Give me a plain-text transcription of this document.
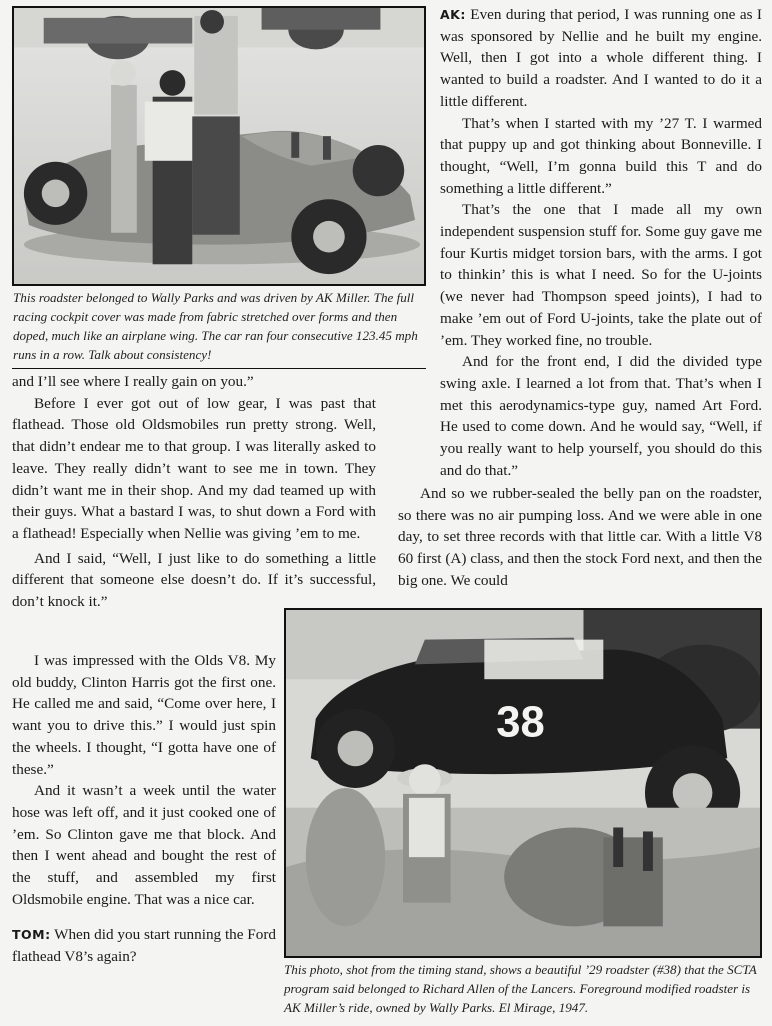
This roadster belonged to Wally Parks and was driven by AK Miller. The full racing cockpit cover was made from fabric stretched over forms and then doped, much like an airplane wing. The car ran four consecutive 123.45 mph runs in a row. Talk about consistency!

and I’ll see where I really gain on you.”

Before I ever got out of low gear, I was past that flathead. Those old Oldsmobiles run pretty strong. Well, that didn’t endear me to that group. I was literally asked to leave. They really didn’t want to see me in town. They didn’t want me in their shop. And my dad teamed up with their guys. What a bastard I was, to shut down a Ford with a flathead! Especially when Nellie was giving ’em to me.

And I said, “Well, I just like to do something a little different that someone else doesn’t do. If it’s successful, don’t knock it.”

AK: Even during that period, I was running one as I was sponsored by Nellie and he built my engine. Well, then I got into a whole different thing. I wanted to build a roadster. And I wanted to do it a little different.

That’s when I started with my ’27 T. I warmed that puppy up and got thinking about Bonneville. I thought, “Well, I’m gonna build this T and do something a little different.”

That’s the one that I made all my own independent suspension stuff for. Some guy gave me four Kurtis midget torsion bars, with the arms. I got to thinkin’ this is what I need. So for the U-joints (we never had Thompson speed joints), I had to make ’em out of Ford U-joints, take the plate out of ’em. They worked fine, no trouble.

And for the front end, I did the divided type swing axle. I learned a lot from that. That’s when I met this aerodynamics-type guy, named Art Ford. He used to come down. And he would say, “Well, if you really want to help yourself, you should do this and do that.”

And so we rubber-sealed the belly pan on the roadster, so there was no air pumping loss. And we were able in one day, to set three records with that little car. With a little V8 60 first (A) class, and then the stock Ford next, and then the big one. We could

38

I was impressed with the Olds V8. My old buddy, Clinton Harris got the first one. He called me and said, “Come over here, I want you to drive this.” I would just spin the wheels. I thought, “I gotta have one of these.”

And it wasn’t a week until the water hose was left off, and it just cooked one of ’em. So Clinton gave me that block. And then I went ahead and bought the rest of the stuff, and assembled my first Oldsmobile engine. That was a nice car.

TOM: When did you start running the Ford flathead V8’s again?

This photo, shot from the timing stand, shows a beautiful ’29 roadster (#38) that the SCTA program said belonged to Richard Allen of the Lancers. Foreground modified roadster is AK Miller’s ride, owned by Wally Parks. El Mirage, 1947.
